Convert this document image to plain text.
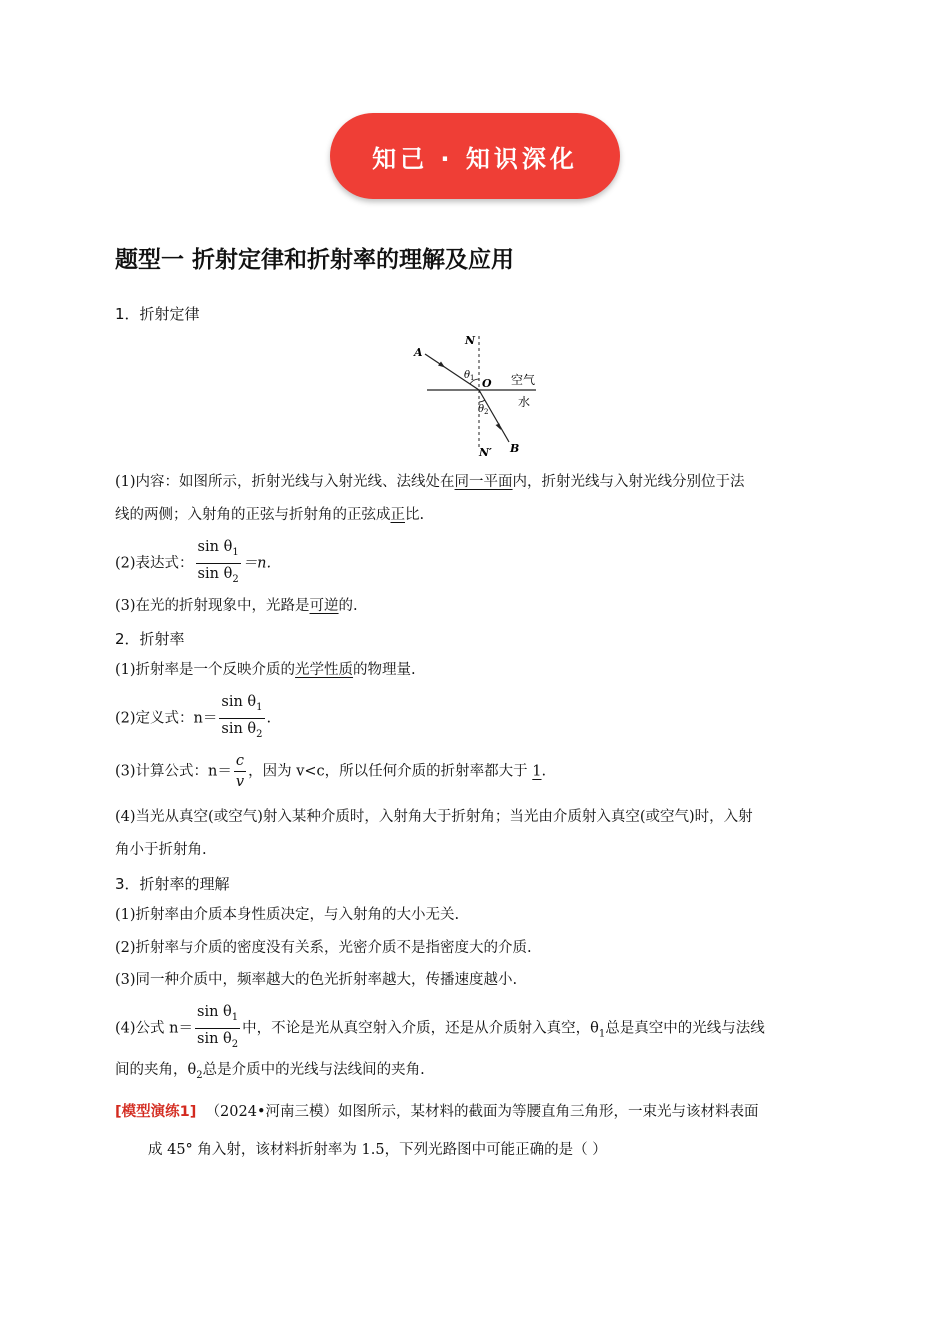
知己 · 知识深化
题型一 折射定律和折射率的理解及应用
1．折射定律
A
N
θ 1 O 空气
水
θ 2
N′ B
(1)内容：如图所示，折射光线与入射光线、法线处在同一平面内，折射光线与入射光线分别位于法
线的两侧；入射角的正弦与折射角的正弦成正比.
(2)表达式： $\frac{\sin \theta_1}{\sin \theta_2} =n$.
(3)在光的折射现象中，光路是可逆的.
2．折射率
(1)折射率是一个反映介质的光学性质的物理量.
(2)定义式：$n= \frac{\sin \theta_1}{\sin \theta_2}$ .
(3)计算公式：$n= \frac{c}{v}$ ，因为 v<c，所以任何介质的折射率都大于 1.
(4)当光从真空(或空气)射入某种介质时，入射角大于折射角；当光由介质射入真空(或空气)时，入射
角小于折射角.
3．折射率的理解
(1)折射率由介质本身性质决定，与入射角的大小无关.
(2)折射率与介质的密度没有关系，光密介质不是指密度大的介质.
(3)同一种介质中，频率越大的色光折射率越大，传播速度越小.
(4)公式 $n= \frac{\sin \theta_1}{\sin \theta_2}$ 中，不论是光从真空射入介质，还是从介质射入真空，$\theta_1$总是真空中的光线与法线
间的夹角，$\theta_2$总是介质中的光线与法线间的夹角.
[模型演练1] （2024•河南三模）如图所示，某材料的截面为等腰直角三角形，一束光与该材料表面
成 45° 角入射，该材料折射率为 1.5，下列光路图中可能正确的是（ ）
